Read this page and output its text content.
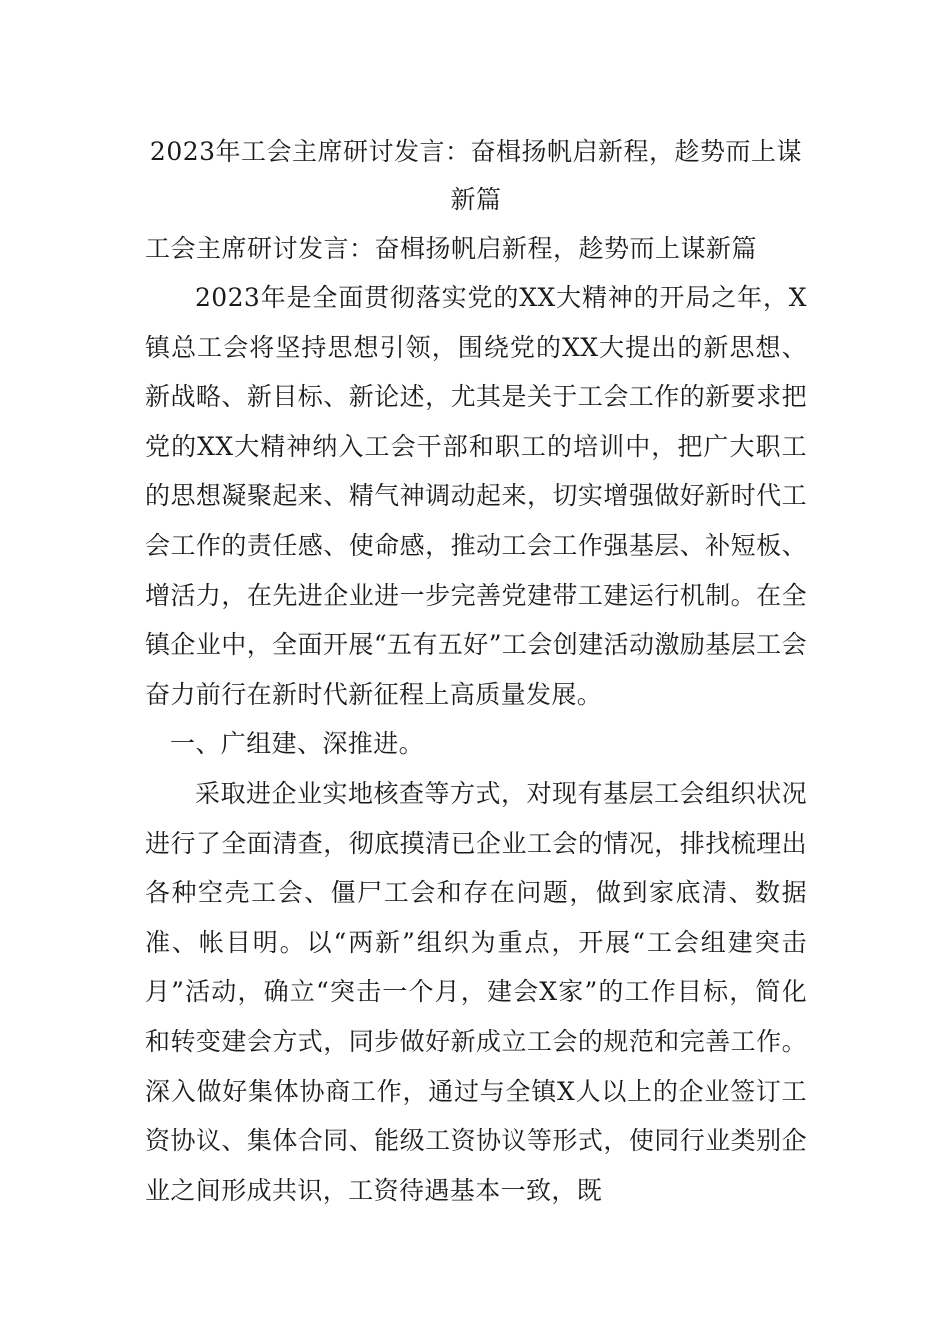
2023年工会主席研讨发言：奋楫扬帆启新程，趁势而上谋新篇

工会主席研讨发言：奋楫扬帆启新程，趁势而上谋新篇

2023年是全面贯彻落实党的XX大精神的开局之年，X镇总工会将坚持思想引领，围绕党的XX大提出的新思想、新战略、新目标、新论述，尤其是关于工会工作的新要求把党的XX大精神纳入工会干部和职工的培训中，把广大职工的思想凝聚起来、精气神调动起来，切实增强做好新时代工会工作的责任感、使命感，推动工会工作强基层、补短板、增活力，在先进企业进一步完善党建带工建运行机制。在全镇企业中，全面开展“五有五好”工会创建活动激励基层工会奋力前行在新时代新征程上高质量发展。

一、广组建、深推进。

采取进企业实地核查等方式，对现有基层工会组织状况进行了全面清查，彻底摸清已企业工会的情况，排找梳理出各种空壳工会、僵尸工会和存在问题，做到家底清、数据准、帐目明。以“两新”组织为重点，开展“工会组建突击月”活动，确立“突击一个月，建会X家”的工作目标，简化和转变建会方式，同步做好新成立工会的规范和完善工作。深入做好集体协商工作，通过与全镇X人以上的企业签订工资协议、集体合同、能级工资协议等形式，使同行业类别企业之间形成共识，工资待遇基本一致，既
